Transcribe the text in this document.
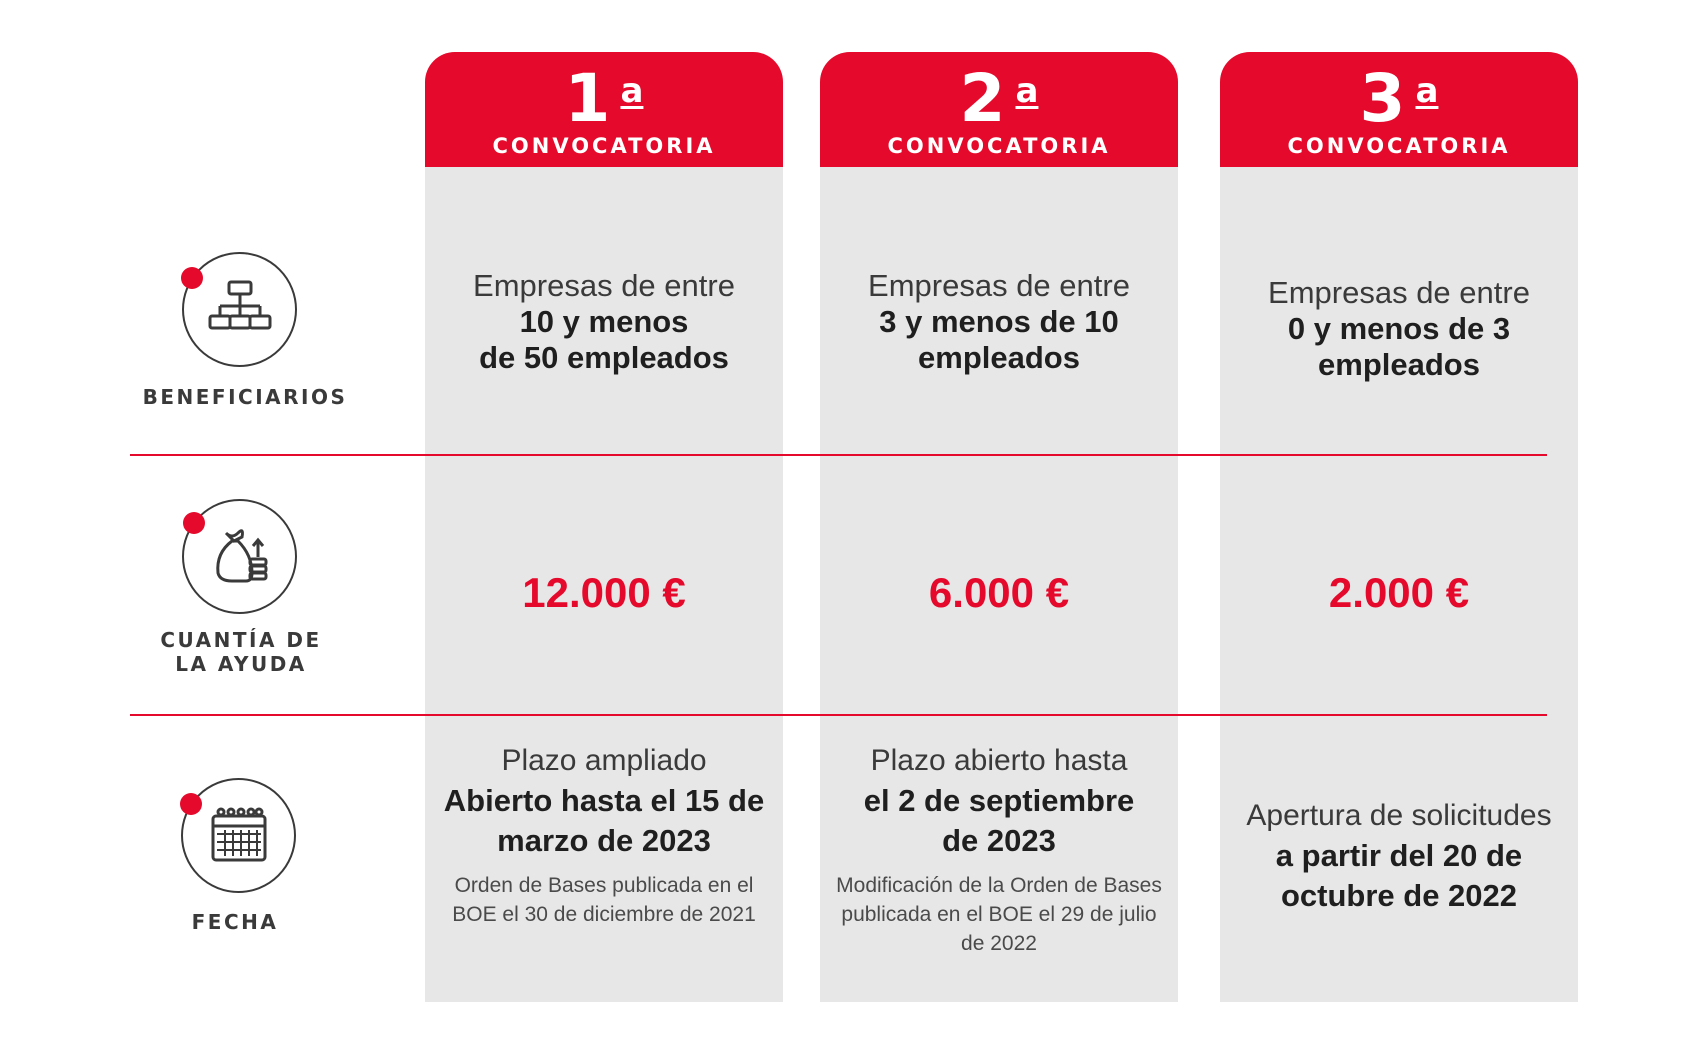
1 $^a$
CONVOCATORIA
2 $^a$
CONVOCATORIA
3 $^a$
CONVOCATORIA
BENEFICIARIOS
Empresas de entre
10 y menos
de 50 empleados
Empresas de entre
3 y menos de 10
empleados
Empresas de entre
0 y menos de 3
empleados
CUANTÍA DE
LA AYUDA
12.000 €	6.000 €	2.000 €
FECHA
Plazo ampliado
Abierto hasta el 15 de
marzo de 2023
Orden de Bases publicada en el
BOE el 30 de diciembre de 2021
Plazo abierto hasta
el 2 de septiembre
de 2023
Modificación de la Orden de Bases
publicada en el BOE el 29 de julio
de 2022
Apertura de solicitudes
a partir del 20 de
octubre de 2022
